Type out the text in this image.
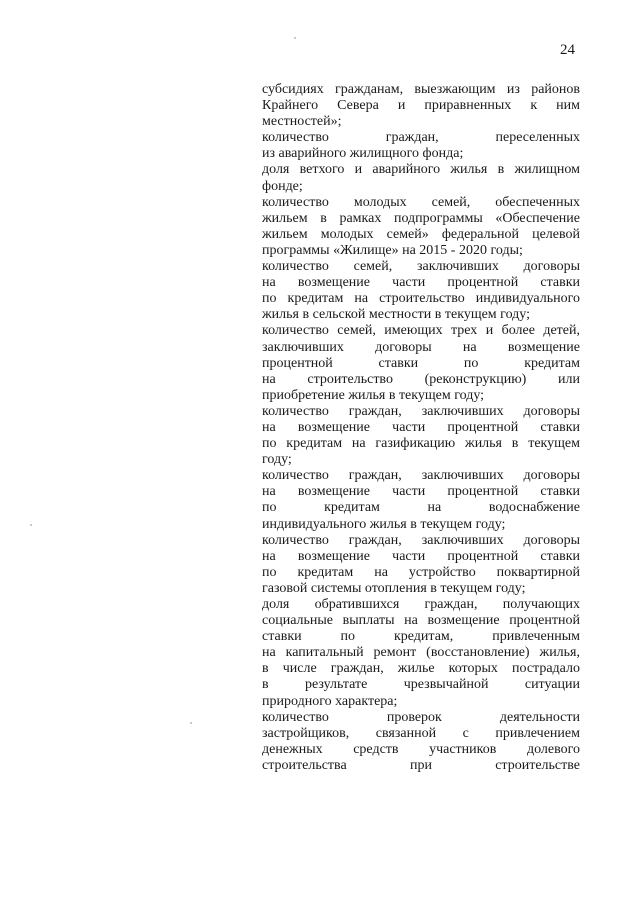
24
субсидиях гражданам, выезжающим из районов
Крайнего Севера и приравненных к ним
местностей»;
количество граждан, переселенных
из аварийного жилищного фонда;
доля ветхого и аварийного жилья в жилищном
фонде;
количество молодых семей, обеспеченных
жильем в рамках подпрограммы «Обеспечение
жильем молодых семей» федеральной целевой
программы «Жилище» на 2015 - 2020 годы;
количество семей, заключивших договоры
на возмещение части процентной ставки
по кредитам на строительство индивидуального
жилья в сельской местности в текущем году;
количество семей, имеющих трех и более детей,
заключивших договоры на возмещение
процентной ставки по кредитам
на строительство (реконструкцию) или
приобретение жилья в текущем году;
количество граждан, заключивших договоры
на возмещение части процентной ставки
по кредитам на газификацию жилья в текущем
году;
количество граждан, заключивших договоры
на возмещение части процентной ставки
по кредитам на водоснабжение
индивидуального жилья в текущем году;
количество граждан, заключивших договоры
на возмещение части процентной ставки
по кредитам на устройство поквартирной
газовой системы отопления в текущем году;
доля обратившихся граждан, получающих
социальные выплаты на возмещение процентной
ставки по кредитам, привлеченным
на капитальный ремонт (восстановление) жилья,
в числе граждан, жилье которых пострадало
в результате чрезвычайной ситуации
природного характера;
количество проверок деятельности
застройщиков, связанной с привлечением
денежных средств участников долевого
строительства при строительстве
